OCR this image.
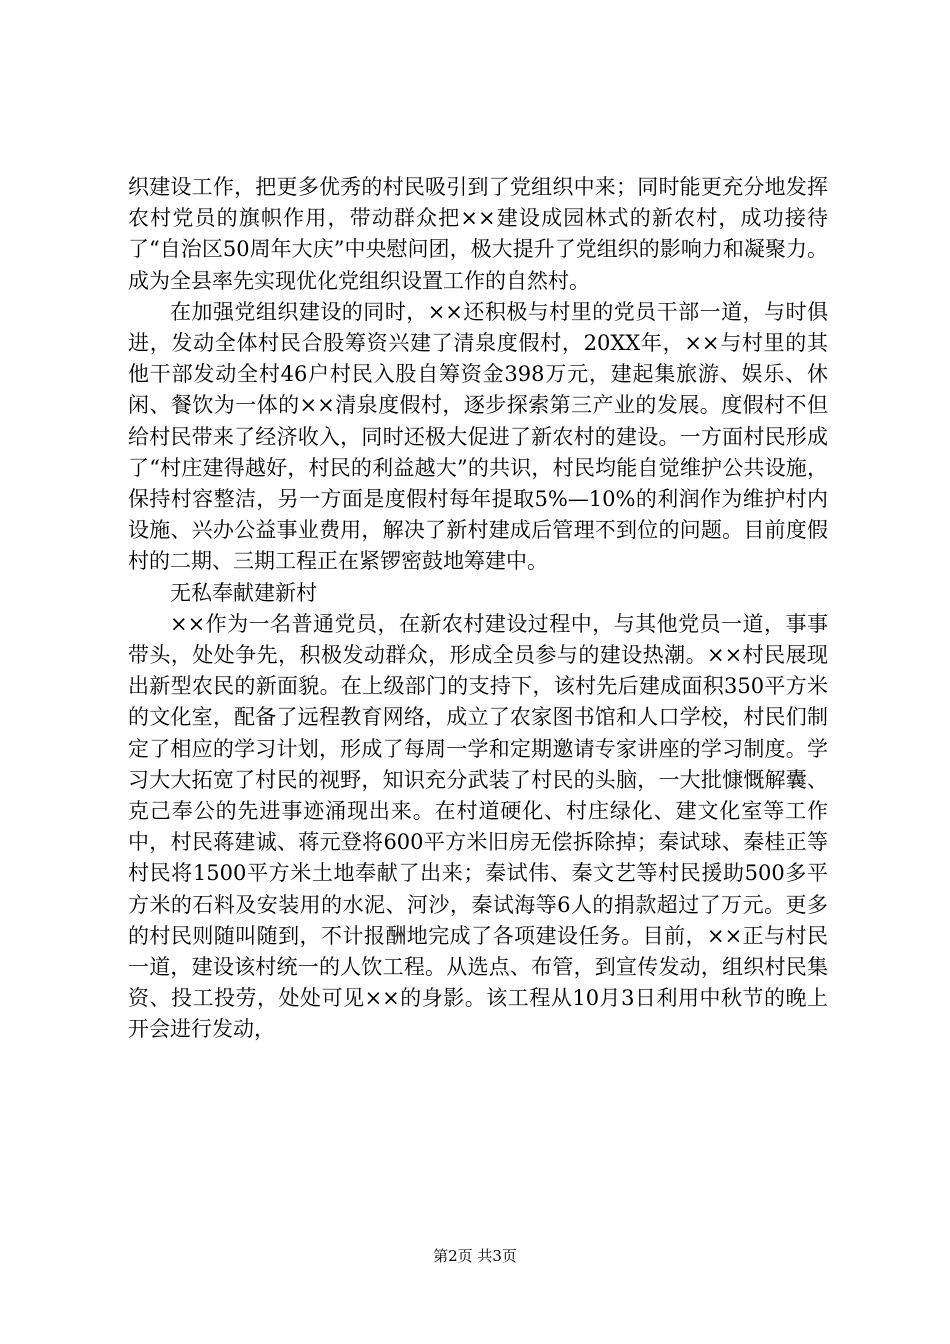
织建设工作，把更多优秀的村民吸引到了党组织中来；同时能更充分地发挥农村党员的旗帜作用，带动群众把××建设成园林式的新农村，成功接待了“自治区50周年大庆”中央慰问团，极大提升了党组织的影响力和凝聚力。成为全县率先实现优化党组织设置工作的自然村。

在加强党组织建设的同时，××还积极与村里的党员干部一道，与时俱进，发动全体村民合股筹资兴建了清泉度假村，20XX年，××与村里的其他干部发动全村46户村民入股自筹资金398万元，建起集旅游、娱乐、休闲、餐饮为一体的××清泉度假村，逐步探索第三产业的发展。度假村不但给村民带来了经济收入，同时还极大促进了新农村的建设。一方面村民形成了“村庄建得越好，村民的利益越大”的共识，村民均能自觉维护公共设施，保持村容整洁，另一方面是度假村每年提取5%—10%的利润作为维护村内设施、兴办公益事业费用，解决了新村建成后管理不到位的问题。目前度假村的二期、三期工程正在紧锣密鼓地筹建中。

无私奉献建新村

××作为一名普通党员，在新农村建设过程中，与其他党员一道，事事带头，处处争先，积极发动群众，形成全员参与的建设热潮。××村民展现出新型农民的新面貌。在上级部门的支持下，该村先后建成面积350平方米的文化室，配备了远程教育网络，成立了农家图书馆和人口学校，村民们制定了相应的学习计划，形成了每周一学和定期邀请专家讲座的学习制度。学习大大拓宽了村民的视野，知识充分武装了村民的头脑，一大批慷慨解囊、克己奉公的先进事迹涌现出来。在村道硬化、村庄绿化、建文化室等工作中，村民蒋建诚、蒋元登将600平方米旧房无偿拆除掉；秦试球、秦桂正等村民将1500平方米土地奉献了出来；秦试伟、秦文艺等村民援助500多平方米的石料及安装用的水泥、河沙，秦试海等6人的捐款超过了万元。更多的村民则随叫随到，不计报酬地完成了各项建设任务。目前，××正与村民一道，建设该村统一的人饮工程。从选点、布管，到宣传发动，组织村民集资、投工投劳，处处可见××的身影。该工程从10月3日利用中秋节的晚上开会进行发动，

第2页 共3页
